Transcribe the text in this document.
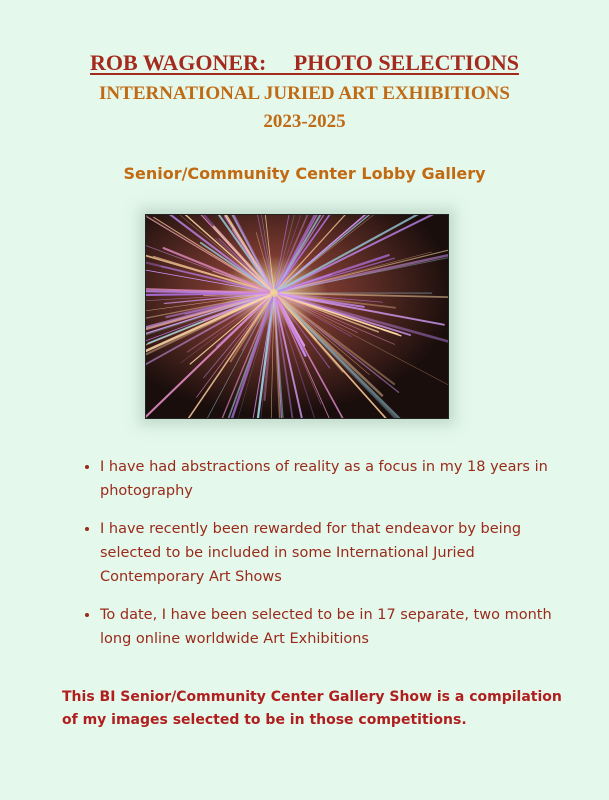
ROB WAGONER:     PHOTO SELECTIONS
INTERNATIONAL JURIED ART EXHIBITIONS
2023-2025
Senior/Community Center Lobby Gallery
• I have had abstractions of reality as a focus in my 18 years in photography
• I have recently been rewarded for that endeavor by being selected to be included in some International Juried Contemporary Art Shows
• To date, I have been selected to be in 17 separate, two month long online worldwide Art Exhibitions

This BI Senior/Community Center Gallery Show is a compilation of my images selected to be in those competitions.
